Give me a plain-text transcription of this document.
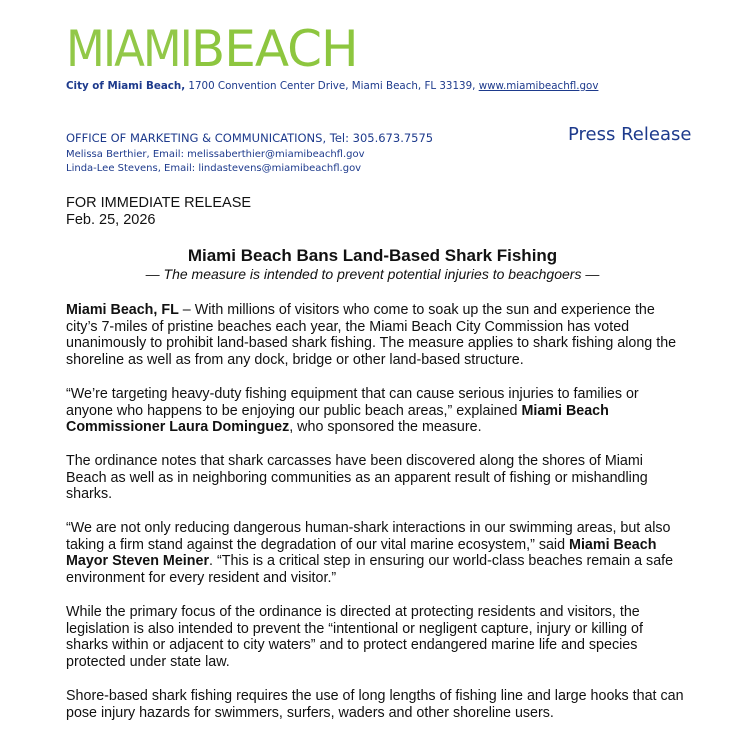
MIAMIBEACH
City of Miami Beach, 1700 Convention Center Drive, Miami Beach, FL 33139, www.miamibeachfl.gov
OFFICE OF MARKETING & COMMUNICATIONS, Tel: 305.673.7575
Melissa Berthier, Email: melissaberthier@miamibeachfl.gov
Linda-Lee Stevens, Email: lindastevens@miamibeachfl.gov
Press Release
FOR IMMEDIATE RELEASE
Feb. 25, 2026
Miami Beach Bans Land-Based Shark Fishing
— The measure is intended to prevent potential injuries to beachgoers —

Miami Beach, FL – With millions of visitors who come to soak up the sun and experience the city’s 7-miles of pristine beaches each year, the Miami Beach City Commission has voted unanimously to prohibit land-based shark fishing. The measure applies to shark fishing along the shoreline as well as from any dock, bridge or other land-based structure.

“We’re targeting heavy-duty fishing equipment that can cause serious injuries to families or anyone who happens to be enjoying our public beach areas,” explained Miami Beach Commissioner Laura Dominguez, who sponsored the measure.

The ordinance notes that shark carcasses have been discovered along the shores of Miami Beach as well as in neighboring communities as an apparent result of fishing or mishandling sharks.

“We are not only reducing dangerous human-shark interactions in our swimming areas, but also taking a firm stand against the degradation of our vital marine ecosystem,” said Miami Beach Mayor Steven Meiner. “This is a critical step in ensuring our world-class beaches remain a safe environment for every resident and visitor.”

While the primary focus of the ordinance is directed at protecting residents and visitors, the legislation is also intended to prevent the “intentional or negligent capture, injury or killing of sharks within or adjacent to city waters” and to protect endangered marine life and species protected under state law.

Shore-based shark fishing requires the use of long lengths of fishing line and large hooks that can pose injury hazards for swimmers, surfers, waders and other shoreline users.
